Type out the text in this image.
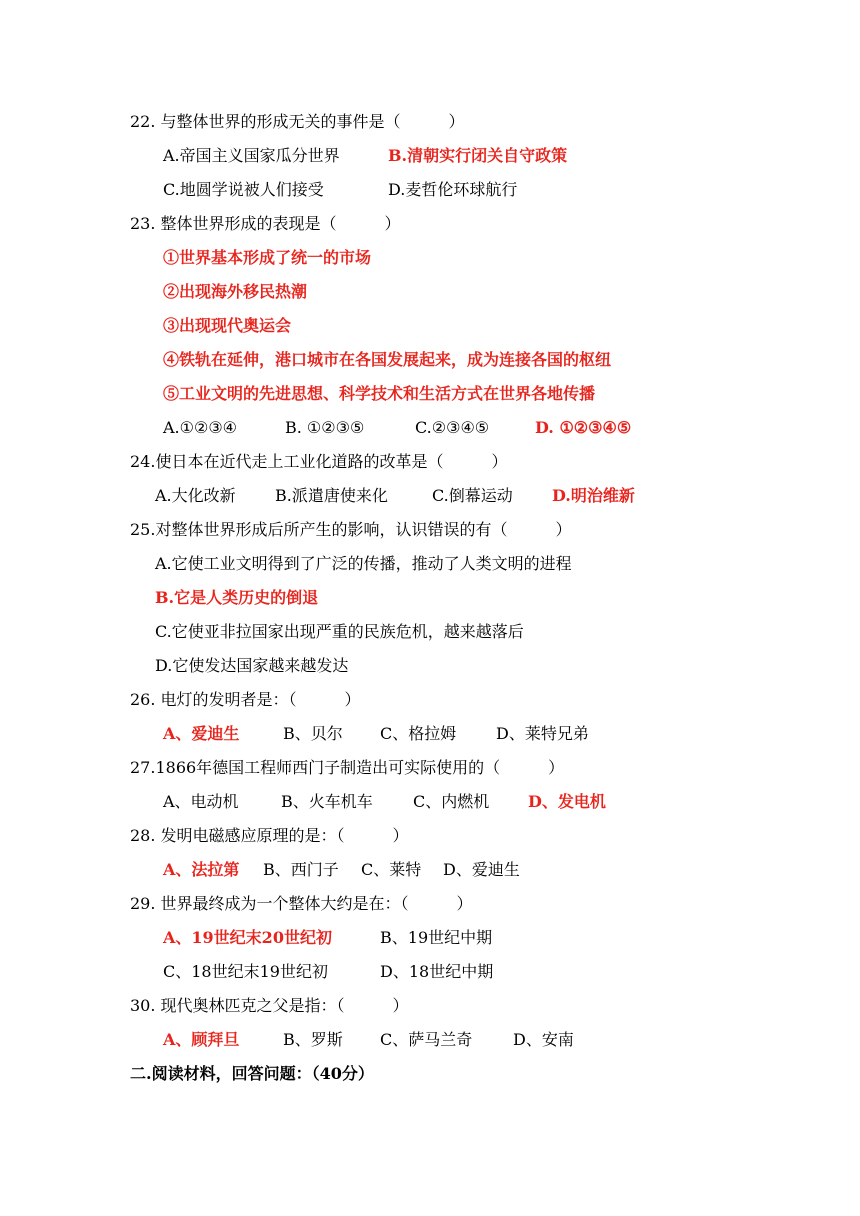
22. 与整体世界的形成无关的事件是（　　　）
A.帝国主义国家瓜分世界	B.清朝实行闭关自守政策
C.地圆学说被人们接受	D.麦哲伦环球航行
23. 整体世界形成的表现是（　　　）
①世界基本形成了统一的市场
②出现海外移民热潮
③出现现代奥运会
④铁轨在延伸，港口城市在各国发展起来，成为连接各国的枢纽
⑤工业文明的先进思想、科学技术和生活方式在世界各地传播
A.①②③④	B. ①②③⑤	C.②③④⑤	D. ①②③④⑤
24.使日本在近代走上工业化道路的改革是（　　　）
A.大化改新 B.派遣唐使来化	C.倒幕运动 D.明治维新
25.对整体世界形成后所产生的影响，认识错误的有（　　　）
A.它使工业文明得到了广泛的传播，推动了人类文明的进程
B.它是人类历史的倒退
C.它使亚非拉国家出现严重的民族危机，越来越落后
D.它使发达国家越来越发达
26. 电灯的发明者是：（　　　）
A、爱迪生	B、贝尔 C、格拉姆 D、莱特兄弟
27.1866年德国工程师西门子制造出可实际使用的（　　　）
A、电动机	B、火车机车	C、内燃机 D、发电机
28. 发明电磁感应原理的是：（　　　）
A、法拉第 B、西门子 C、莱特 D、爱迪生
29. 世界最终成为一个整体大约是在：（　　　）
A、19世纪末20世纪初	B、19世纪中期
C、18世纪末19世纪初	D、18世纪中期
30. 现代奥林匹克之父是指：（　　　）
A、顾拜旦	B、罗斯 C、萨马兰奇	D、安南
二.阅读材料，回答问题：（40分）
